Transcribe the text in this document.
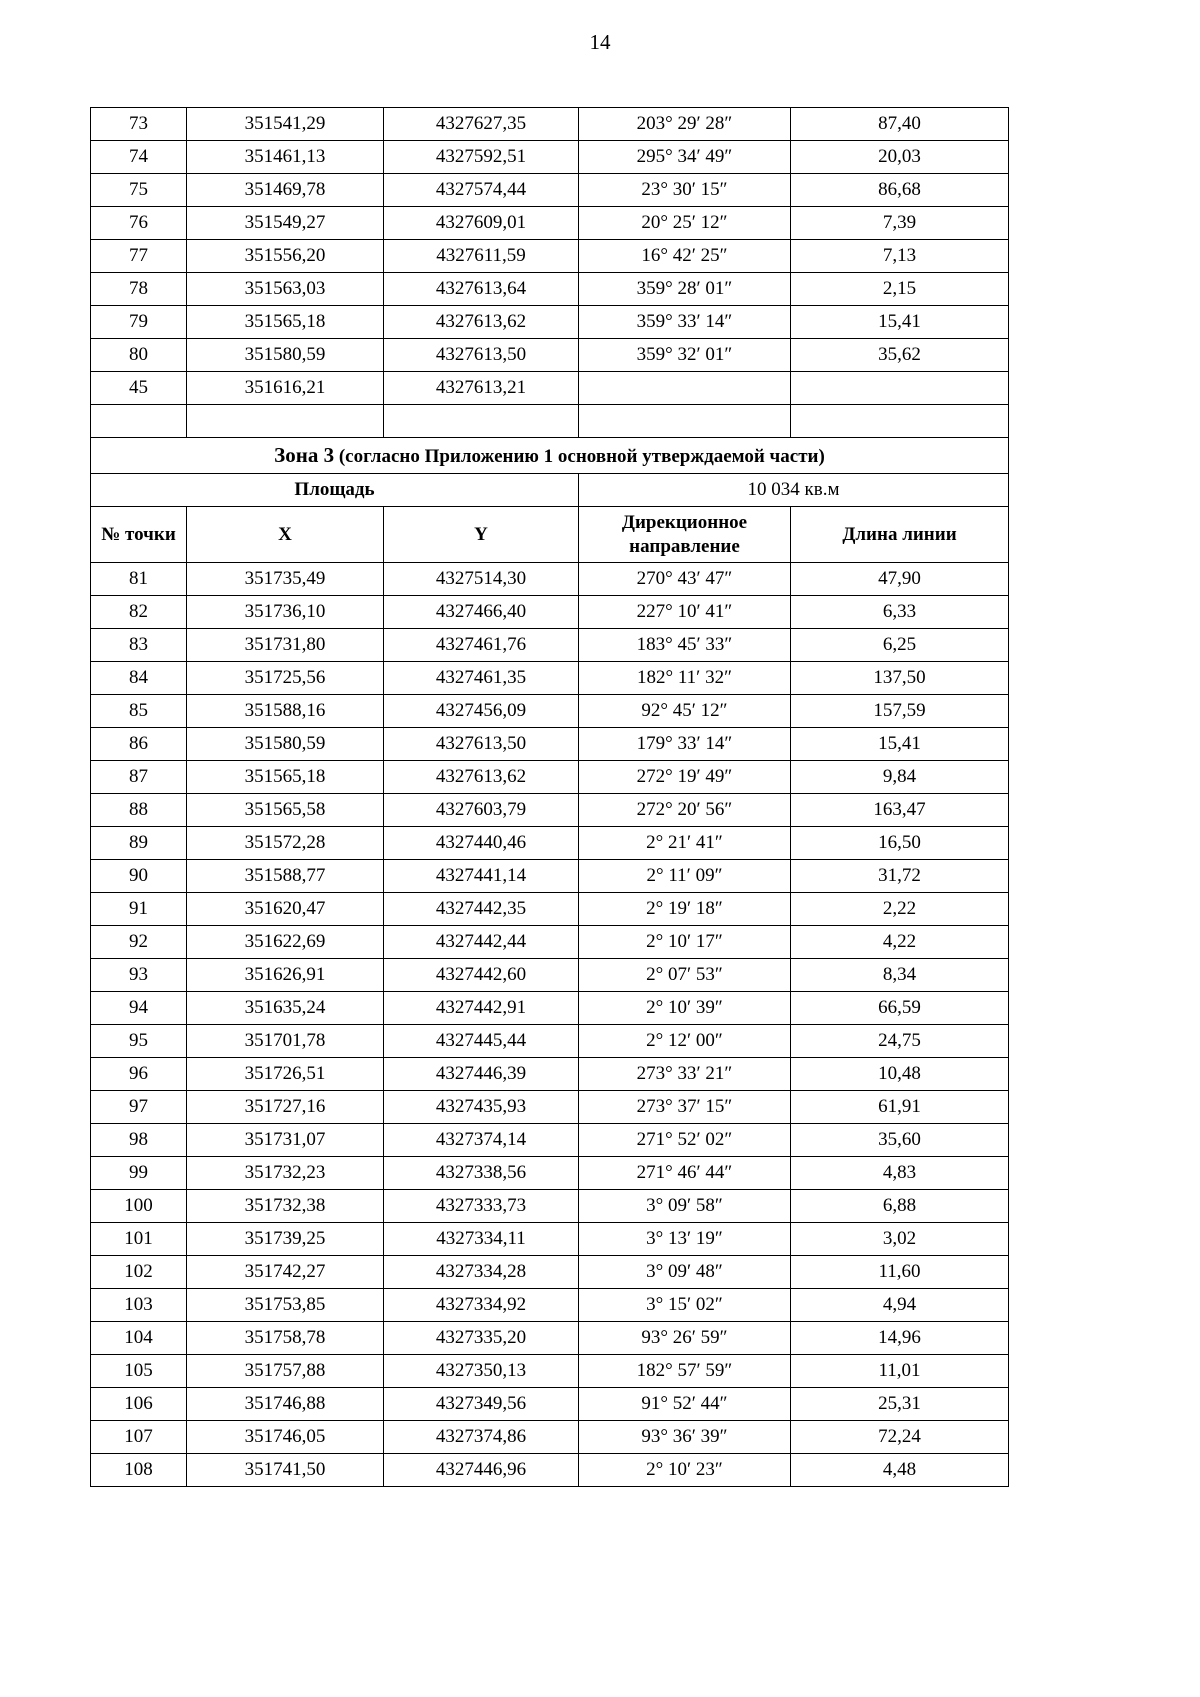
14
73	351541,29	4327627,35	203° 29′ 28″	87,40
74	351461,13	4327592,51	295° 34′ 49″	20,03
75	351469,78	4327574,44	23° 30′ 15″	86,68
76	351549,27	4327609,01	20° 25′ 12″	7,39
77	351556,20	4327611,59	16° 42′ 25″	7,13
78	351563,03	4327613,64	359° 28′ 01″	2,15
79	351565,18	4327613,62	359° 33′ 14″	15,41
80	351580,59	4327613,50	359° 32′ 01″	35,62
45	351616,21	4327613,21		

Зона 3 (согласно Приложению 1 основной утверждаемой части)				
Площадь			10 034 кв.м	
№ точки	X	Y	Дирекционное направление	Длина линии
81	351735,49	4327514,30	270° 43′ 47″	47,90
82	351736,10	4327466,40	227° 10′ 41″	6,33
83	351731,80	4327461,76	183° 45′ 33″	6,25
84	351725,56	4327461,35	182° 11′ 32″	137,50
85	351588,16	4327456,09	92° 45′ 12″	157,59
86	351580,59	4327613,50	179° 33′ 14″	15,41
87	351565,18	4327613,62	272° 19′ 49″	9,84
88	351565,58	4327603,79	272° 20′ 56″	163,47
89	351572,28	4327440,46	2° 21′ 41″	16,50
90	351588,77	4327441,14	2° 11′ 09″	31,72
91	351620,47	4327442,35	2° 19′ 18″	2,22
92	351622,69	4327442,44	2° 10′ 17″	4,22
93	351626,91	4327442,60	2° 07′ 53″	8,34
94	351635,24	4327442,91	2° 10′ 39″	66,59
95	351701,78	4327445,44	2° 12′ 00″	24,75
96	351726,51	4327446,39	273° 33′ 21″	10,48
97	351727,16	4327435,93	273° 37′ 15″	61,91
98	351731,07	4327374,14	271° 52′ 02″	35,60
99	351732,23	4327338,56	271° 46′ 44″	4,83
100	351732,38	4327333,73	3° 09′ 58″	6,88
101	351739,25	4327334,11	3° 13′ 19″	3,02
102	351742,27	4327334,28	3° 09′ 48″	11,60
103	351753,85	4327334,92	3° 15′ 02″	4,94
104	351758,78	4327335,20	93° 26′ 59″	14,96
105	351757,88	4327350,13	182° 57′ 59″	11,01
106	351746,88	4327349,56	91° 52′ 44″	25,31
107	351746,05	4327374,86	93° 36′ 39″	72,24
108	351741,50	4327446,96	2° 10′ 23″	4,48
